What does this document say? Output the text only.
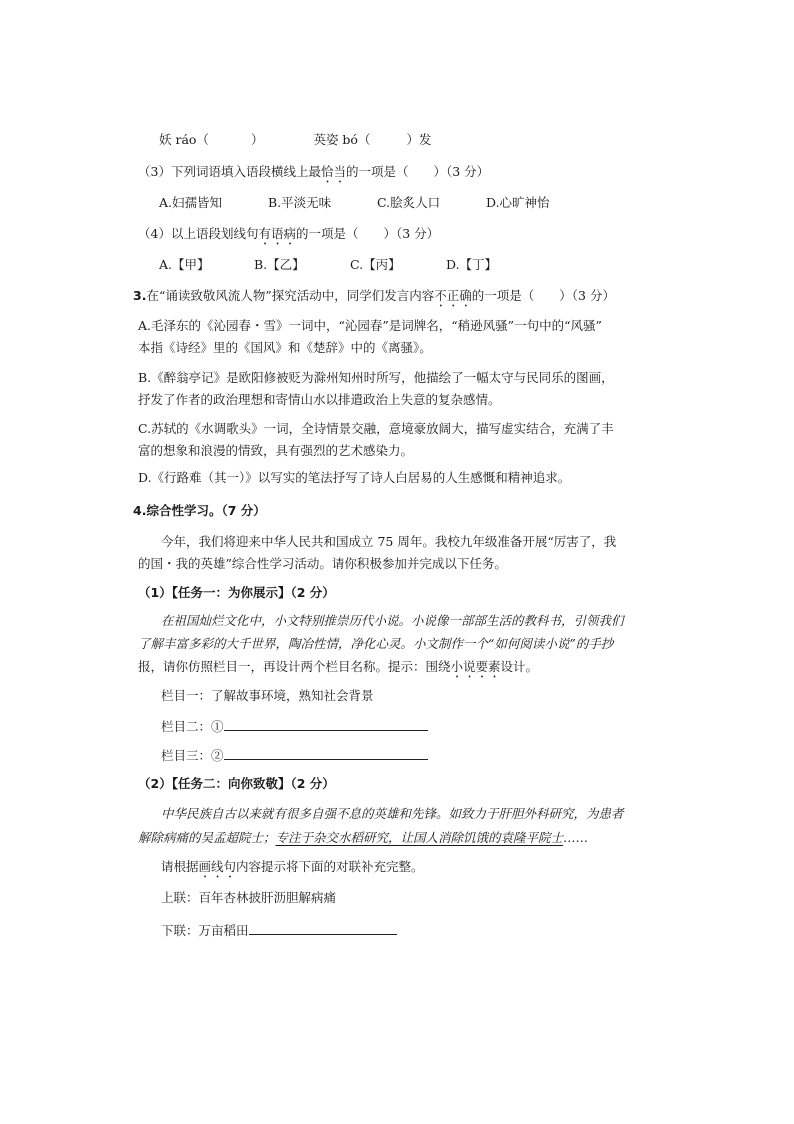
妖 ráo（	）	英姿 bó（	）发
（3）下列词语填入语段横线上最恰当的一项是（　　）（3 分）
A.妇孺皆知	B.平淡无味	C.脍炙人口	D.心旷神怡
（4）以上语段划线句有语病的一项是（　　）（3 分）
A.【甲】	B.【乙】	C.【丙】	D.【丁】
3.在“诵读致敬风流人物”探究活动中，同学们发言内容不正确的一项是（　　）（3 分）
A.毛泽东的《沁园春・雪》一词中，“沁园春”是词牌名，“稍逊风骚”一句中的“风骚”
本指《诗经》里的《国风》和《楚辞》中的《离骚》。
B.《醉翁亭记》是欧阳修被贬为滁州知州时所写，他描绘了一幅太守与民同乐的图画，
抒发了作者的政治理想和寄情山水以排遣政治上失意的复杂感情。
C.苏轼的《水调歌头》一词，全诗情景交融，意境豪放阔大，描写虚实结合，充满了丰
富的想象和浪漫的情致，具有强烈的艺术感染力。
D.《行路难（其一）》以写实的笔法抒写了诗人白居易的人生感慨和精神追求。
4.综合性学习。（7 分）
今年，我们将迎来中华人民共和国成立 75 周年。我校九年级准备开展“厉害了，我
的国・我的英雄”综合性学习活动。请你积极参加并完成以下任务。
（1）【任务一：为你展示】（2 分）
在祖国灿烂文化中，小文特别推崇历代小说。小说像一部部生活的教科书，引领我们
了解丰富多彩的大千世界，陶冶性情，净化心灵。小文制作一个“如何阅读小说”的手抄
报，请你仿照栏目一，再设计两个栏目名称。提示：围绕小说要素设计。
栏目一：了解故事环境，熟知社会背景
栏目二：①
栏目三：②
（2）【任务二：向你致敬】（2 分）
中华民族自古以来就有很多自强不息的英雄和先锋。如致力于肝胆外科研究，为患者
解除病痛的吴孟超院士；专注于杂交水稻研究，让国人消除饥饿的袁隆平院士……
请根据画线句内容提示将下面的对联补充完整。
上联：百年杏林披肝沥胆解病痛
下联：万亩稻田
